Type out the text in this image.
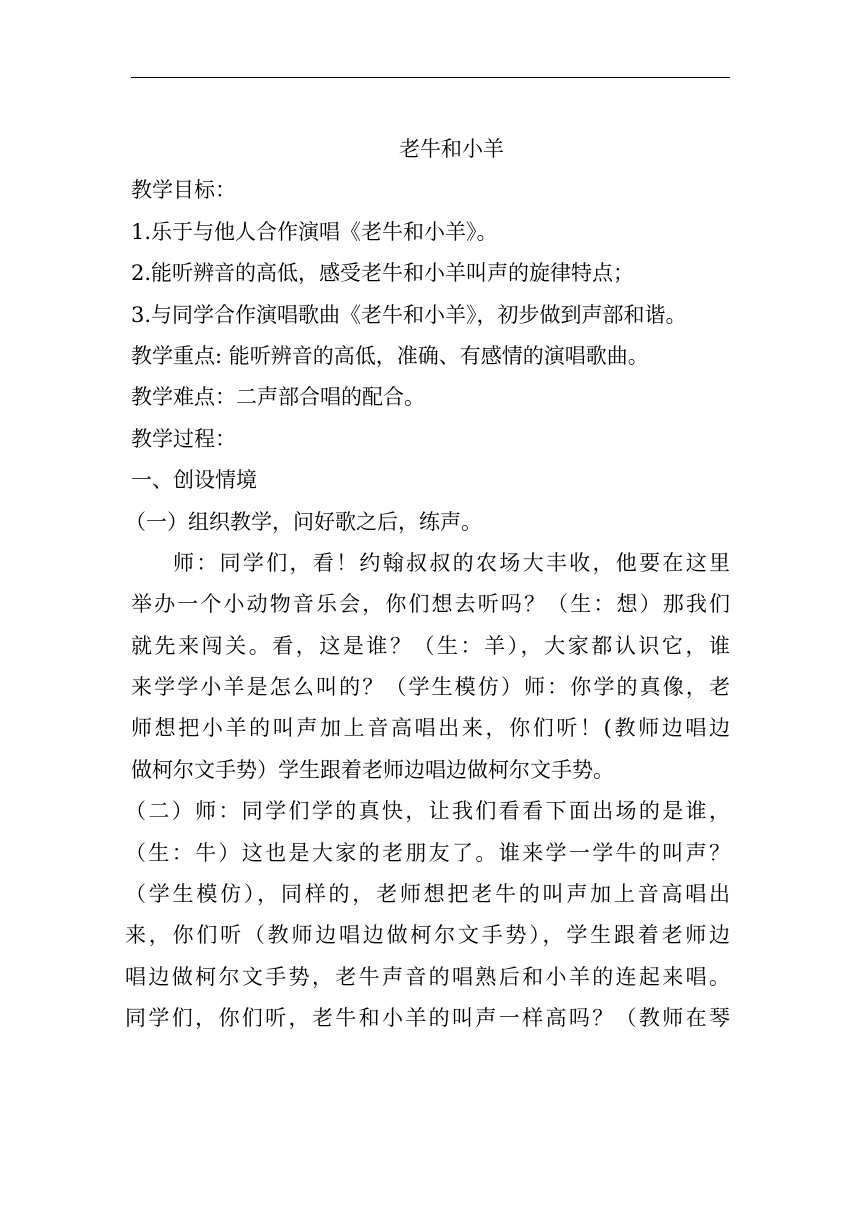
老牛和小羊
教学目标：
1.乐于与他人合作演唱《老牛和小羊》。
2.能听辨音的高低，感受老牛和小羊叫声的旋律特点；
3.与同学合作演唱歌曲《老牛和小羊》，初步做到声部和谐。
教学重点: 能听辨音的高低，准确、有感情的演唱歌曲。
教学难点：二声部合唱的配合。
教学过程：
一、创设情境
（一）组织教学，问好歌之后，练声。
师：同学们，看！约翰叔叔的农场大丰收，他要在这里
举办一个小动物音乐会，你们想去听吗？（生：想）那我们
就先来闯关。看，这是谁？（生：羊），大家都认识它，谁
来学学小羊是怎么叫的？（学生模仿）师：你学的真像，老
师想把小羊的叫声加上音高唱出来，你们听！(教师边唱边
做柯尔文手势）学生跟着老师边唱边做柯尔文手势。
（二）师：同学们学的真快，让我们看看下面出场的是谁，
（生：牛）这也是大家的老朋友了。谁来学一学牛的叫声？
（学生模仿），同样的，老师想把老牛的叫声加上音高唱出
来，你们听（教师边唱边做柯尔文手势），学生跟着老师边
唱边做柯尔文手势，老牛声音的唱熟后和小羊的连起来唱。
同学们，你们听，老牛和小羊的叫声一样高吗？（教师在琴
